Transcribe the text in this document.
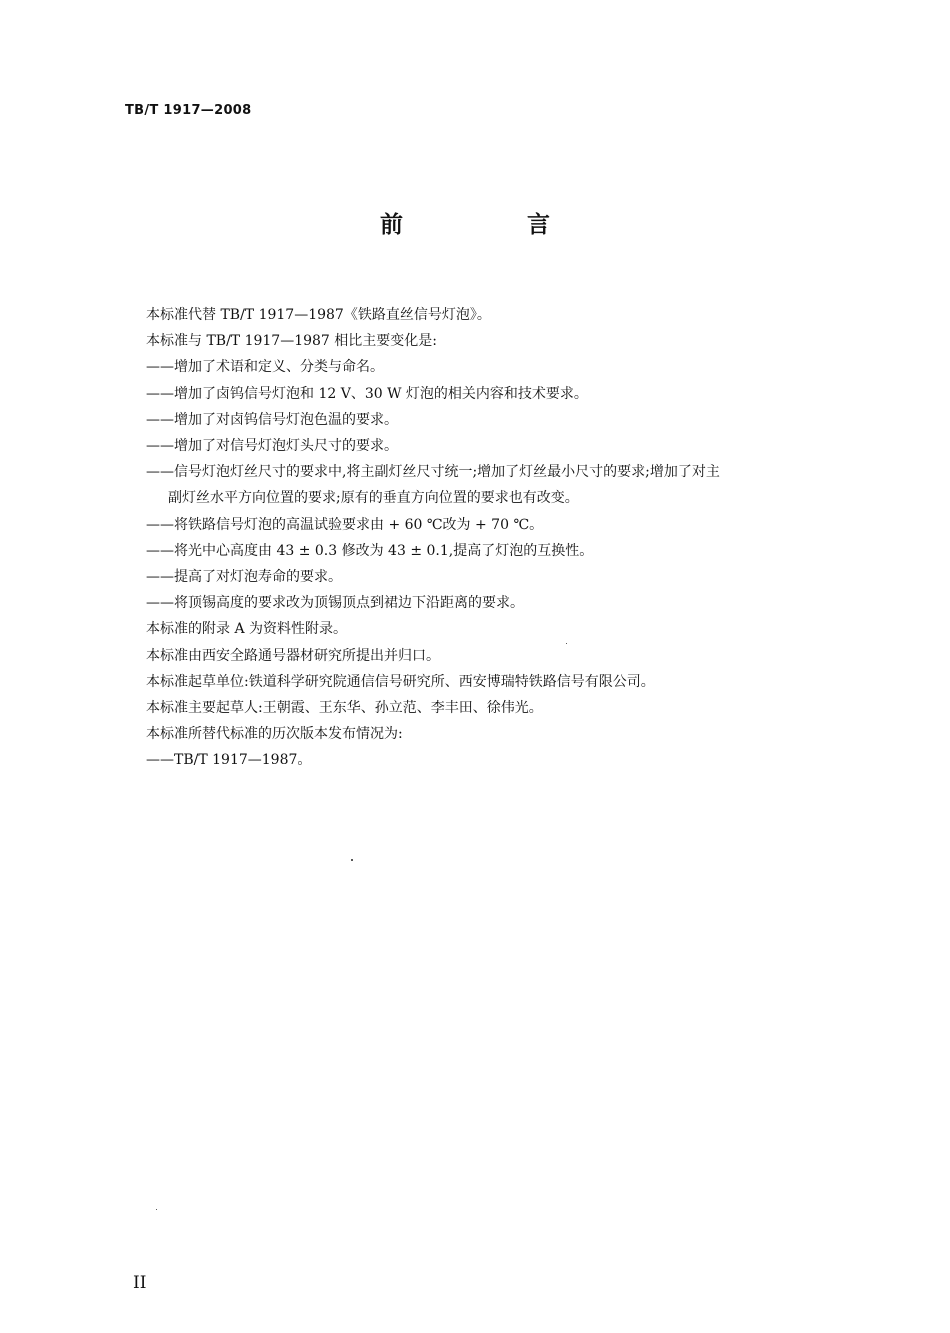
TB/T 1917—2008
前 言
本标准代替 TB/T 1917—1987《铁路直丝信号灯泡》。
本标准与 TB/T 1917—1987 相比主要变化是:
——增加了术语和定义、分类与命名。
——增加了卤钨信号灯泡和 12 V、30 W 灯泡的相关内容和技术要求。
——增加了对卤钨信号灯泡色温的要求。
——增加了对信号灯泡灯头尺寸的要求。
——信号灯泡灯丝尺寸的要求中,将主副灯丝尺寸统一;增加了灯丝最小尺寸的要求;增加了对主
副灯丝水平方向位置的要求;原有的垂直方向位置的要求也有改变。
——将铁路信号灯泡的高温试验要求由 + 60 ℃改为 + 70 ℃。
——将光中心高度由 43 ± 0.3 修改为 43 ± 0.1,提高了灯泡的互换性。
——提高了对灯泡寿命的要求。
——将顶锡高度的要求改为顶锡顶点到裙边下沿距离的要求。
本标准的附录 A 为资料性附录。
本标准由西安全路通号器材研究所提出并归口。
本标准起草单位:铁道科学研究院通信信号研究所、西安博瑞特铁路信号有限公司。
本标准主要起草人:王朝霞、王东华、孙立范、李丰田、徐伟光。
本标准所替代标准的历次版本发布情况为:
——TB/T 1917—1987。
II
